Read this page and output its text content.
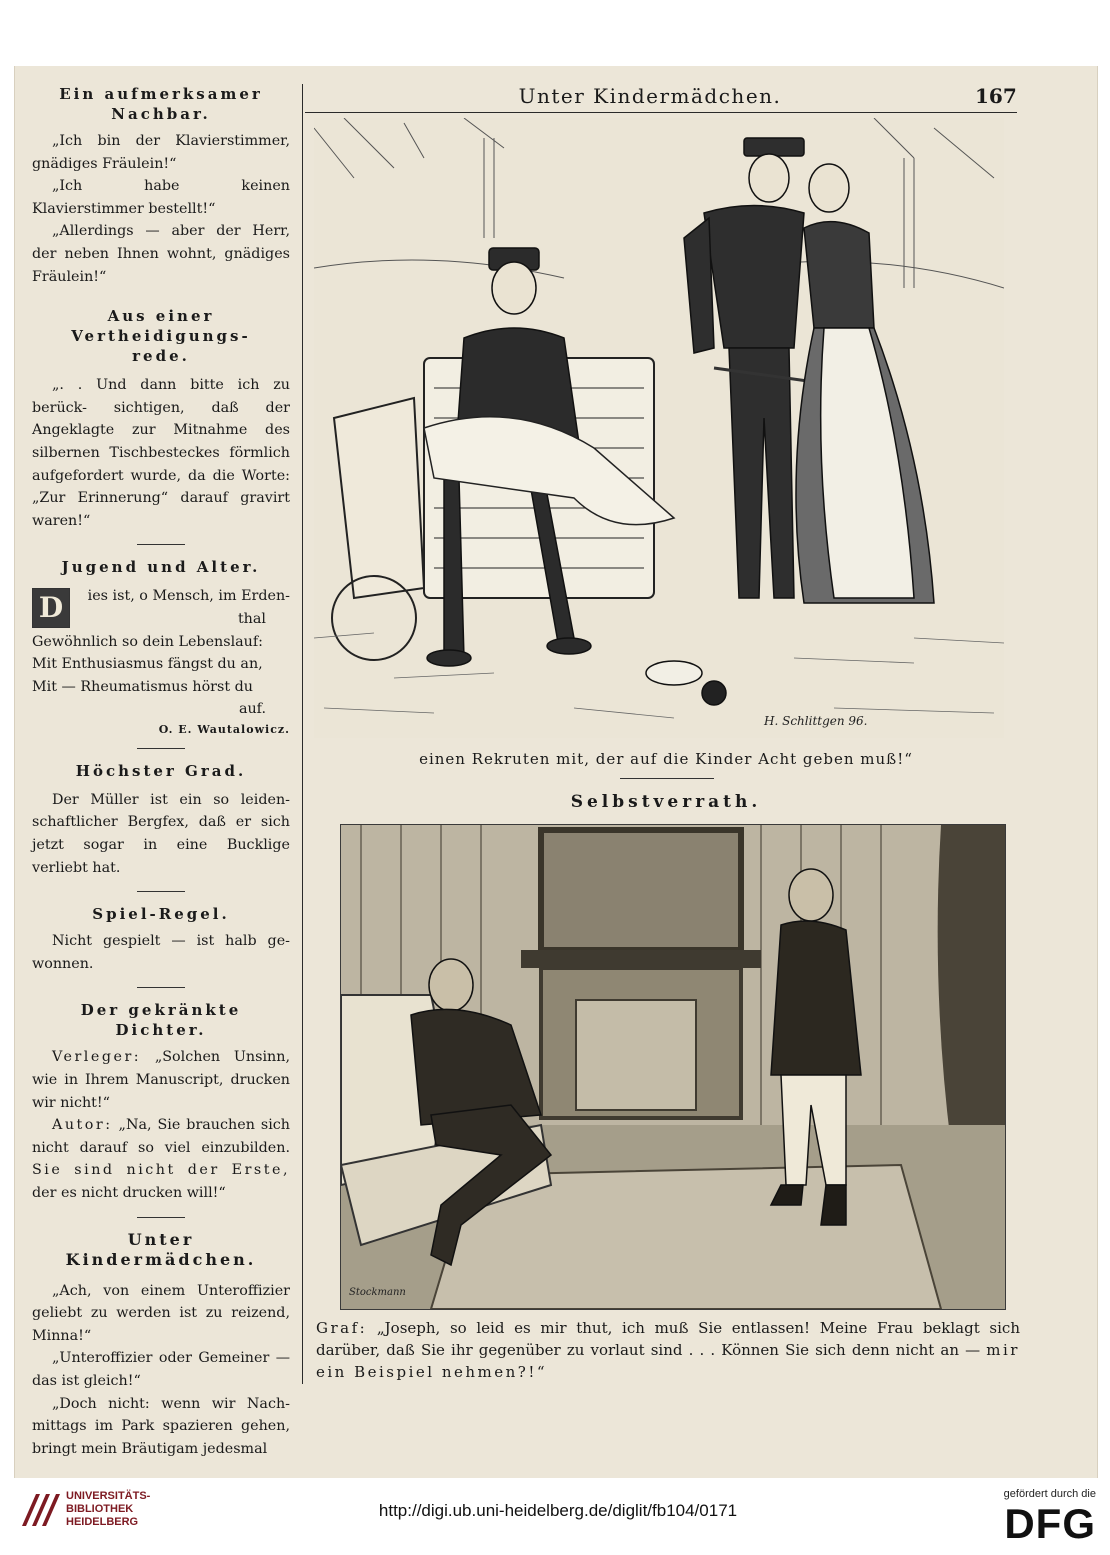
Unter Kindermädchen.	167

Ein aufmerksamer Nachbar.

„Ich bin der Klavierstimmer, gnädiges Fräulein!“

„Ich habe keinen Klavierstimmer bestellt!“

„Allerdings — aber der Herr, der neben Ihnen wohnt, gnädiges Fräulein!“

Aus einer Vertheidigungs-

rede.

„. . Und dann bitte ich zu berück- sichtigen, daß der Angeklagte zur Mitnahme des silbernen Tischbesteckes förmlich aufgefordert wurde, da die Worte: „Zur Erinnerung“ darauf gravirt waren!“

Jugend und Alter.

D	ies ist, o Mensch, im Erden-

thal

Gewöhnlich so dein Lebenslauf:

Mit Enthusiasmus fängst du an,

Mit — Rheumatismus hörst du

auf.

O. E. Wautalowicz.

Höchster Grad.

Der Müller ist ein so leiden- schaftlicher Bergfex, daß er sich jetzt sogar in eine Bucklige verliebt hat.

Spiel-Regel.

Nicht gespielt — ist halb ge- wonnen.

Der gekränkte Dichter.

Verleger: „Solchen Unsinn, wie in Ihrem Manuscript, drucken wir nicht!“

Autor: „Na, Sie brauchen sich nicht darauf so viel einzubilden. Sie sind nicht der Erste, der es nicht drucken will!“

Unter Kindermädchen.

„Ach, von einem Unteroffizier geliebt zu werden ist zu reizend, Minna!“

„Unteroffizier oder Gemeiner — das ist gleich!“

„Doch nicht: wenn wir Nach- mittags im Park spazieren gehen, bringt mein Bräutigam jedesmal

H. Schlittgen 96.
einen Rekruten mit, der auf die Kinder Acht geben muß!“
Selbstverrath.
Stockmann
Graf: „Joseph, so leid es mir thut, ich muß Sie entlassen! Meine Frau beklagt sich darüber, daß Sie ihr gegenüber zu vorlaut sind . . . Können Sie sich denn nicht an — mir ein Beispiel nehmen?!“
UNIVERSITÄTS-
BIBLIOTHEK
HEIDELBERG
http://digi.ub.uni-heidelberg.de/diglit/fb104/0171
gefördert durch die
DFG
